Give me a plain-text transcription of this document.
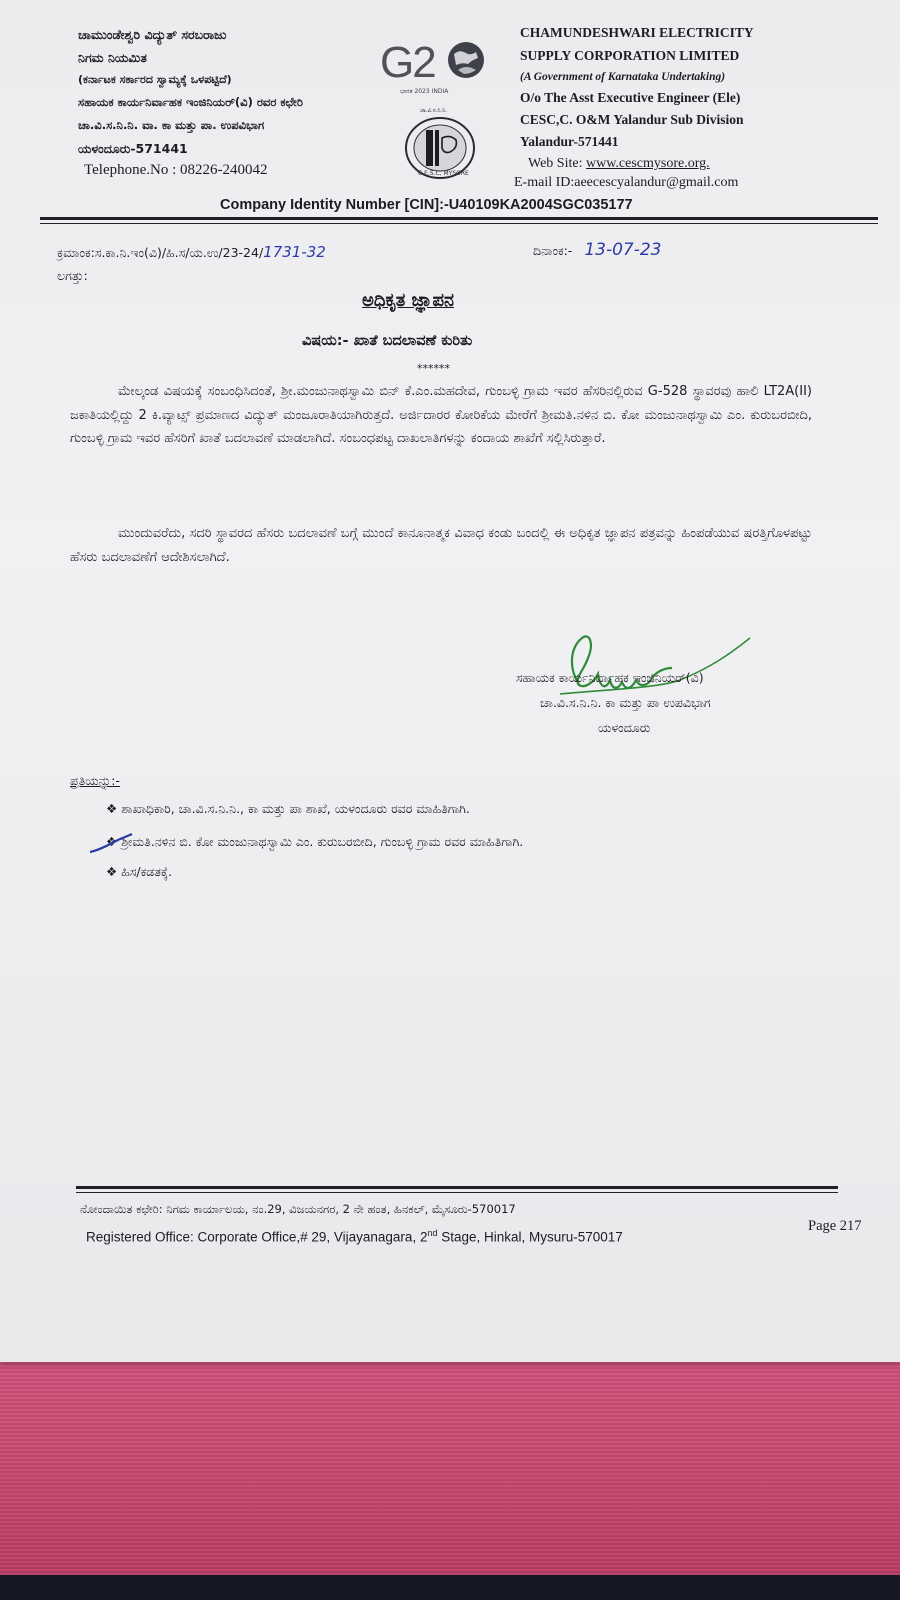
ಚಾಮುಂಡೇಶ್ವರಿ ವಿದ್ಯುತ್ ಸರಬರಾಜು
ನಿಗಮ ನಿಯಮಿತ
(ಕರ್ನಾಟಕ ಸರ್ಕಾರದ ಸ್ವಾಮ್ಯಕ್ಕೆ ಒಳಪಟ್ಟಿದೆ)
ಸಹಾಯಕ ಕಾರ್ಯನಿರ್ವಾಹಕ ಇಂಜಿನಿಯರ್(ವಿ) ರವರ ಕಛೇರಿ
ಚಾ.ವಿ.ಸ.ನಿ.ನಿ. ವಾ. ಕಾ ಮತ್ತು ಪಾ. ಉಪವಿಭಾಗ
ಯಳಂದೂರು-571441
Telephone.No : 08226-240042
G2
ಭಾರತ 2023 INDIA
ಚಾ.ವಿ.ಸ.ನಿ.ನಿ.
C.E.S.C, MYSORE
CHAMUNDESHWARI ELECTRICITY
SUPPLY CORPORATION LIMITED
(A Government of Karnataka Undertaking)
O/o The Asst Executive Engineer (Ele)
CESC,C. O&M Yalandur Sub Division
Yalandur-571441
Web Site: www.cescmysore.org.
E-mail ID:aeecescyalandur@gmail.com
Company Identity Number [CIN]:-U40109KA2004SGC035177
ಕ್ರಮಾಂಕ:ಸ.ಕಾ.ನಿ.ಇಂ(ವಿ)/ಹಿ.ಸ/ಯ.ಉ/23-24/1731-32	ದಿನಾಂಕ:- 13-07-23
ಲಗತ್ತು:
ಅಧಿಕೃತ ಜ್ಞಾಪನ
ವಿಷಯ:- ಖಾತೆ ಬದಲಾವಣೆ ಕುರಿತು
******
ಮೇಲ್ಕಂಡ ವಿಷಯಕ್ಕೆ ಸಂಬಂಧಿಸಿದಂತೆ, ಶ್ರೀ.ಮಂಜುನಾಥಸ್ವಾಮಿ ಬಿನ್ ಕೆ.ಎಂ.ಮಹದೇವ, ಗುಂಬಳ್ಳಿ ಗ್ರಾಮ ಇವರ ಹೆಸರಿನಲ್ಲಿರುವ G-528 ಸ್ಥಾವರವು ಹಾಲಿ LT2A(II) ಜಕಾತಿಯಲ್ಲಿದ್ದು 2 ಕಿ.ವ್ಯಾಟ್ಸ್ ಪ್ರಮಾಣದ ವಿದ್ಯುತ್ ಮಂಜೂರಾತಿಯಾಗಿರುತ್ತದೆ. ಅರ್ಜಿದಾರರ ಕೋರಿಕೆಯ ಮೇರೆಗೆ ಶ್ರೀಮತಿ.ನಳಿನ ಬಿ. ಕೋ ಮಂಜುನಾಥಸ್ವಾಮಿ ಎಂ. ಕುರುಬರಬೀದಿ, ಗುಂಬಳ್ಳಿ ಗ್ರಾಮ ಇವರ ಹೆಸರಿಗೆ ಖಾತೆ ಬದಲಾವಣೆ ಮಾಡಲಾಗಿದೆ. ಸಂಬಂಧಪಟ್ಟ ದಾಖಲಾತಿಗಳನ್ನು ಕಂದಾಯ ಶಾಖೆಗೆ ಸಲ್ಲಿಸಿರುತ್ತಾರೆ.
ಮುಂದುವರೆದು, ಸದರಿ ಸ್ಥಾವರದ ಹೆಸರು ಬದಲಾವಣೆ ಬಗ್ಗೆ ಮುಂದೆ ಕಾನೂನಾತ್ಮಕ ವಿವಾಧ ಕಂಡು ಬಂದಲ್ಲಿ ಈ ಅಧಿಕೃತ ಜ್ಞಾಪನ ಪತ್ರವನ್ನು ಹಿಂಪಡೆಯುವ ಷರತ್ತಿಗೊಳಪಟ್ಟು ಹೆಸರು ಬದಲಾವಣೆಗೆ ಆದೇಶಿಸಲಾಗಿದೆ.
ಸಹಾಯಕ ಕಾರ್ಯನಿರ್ವಾಹಕ ಇಂಜಿನಿಯರ್(ವಿ)
ಚಾ.ವಿ.ಸ.ನಿ.ನಿ. ಕಾ ಮತ್ತು ಪಾ ಉಪವಿಭಾಗ
ಯಳಂದೂರು
ಪ್ರತಿಯನ್ನು:-
❖ ಶಾಖಾಧಿಕಾರಿ, ಚಾ.ವಿ.ಸ.ನಿ.ನಿ., ಕಾ ಮತ್ತು ಪಾ ಶಾಖೆ, ಯಳಂದೂರು ರವರ ಮಾಹಿತಿಗಾಗಿ.
❖ ಶ್ರೀಮತಿ.ನಳಿನ ಬಿ. ಕೋ ಮಂಜುನಾಥಸ್ವಾಮಿ ಎಂ. ಕುರುಬರಬೀದಿ, ಗುಂಬಳ್ಳಿ ಗ್ರಾಮ ರವರ ಮಾಹಿತಿಗಾಗಿ.
❖ ಹಿಸ/ಕಡತಕ್ಕೆ.
ನೋಂದಾಯಿತ ಕಛೇರಿ: ನಿಗಮ ಕಾರ್ಯಾಲಯ, ನಂ.29, ವಿಜಯನಗರ, 2 ನೇ ಹಂತ, ಹಿನಕಲ್, ಮೈಸೂರು-570017
Registered Office: Corporate Office,# 29, Vijayanagara, 2nd Stage, Hinkal, Mysuru-570017
Page 217
